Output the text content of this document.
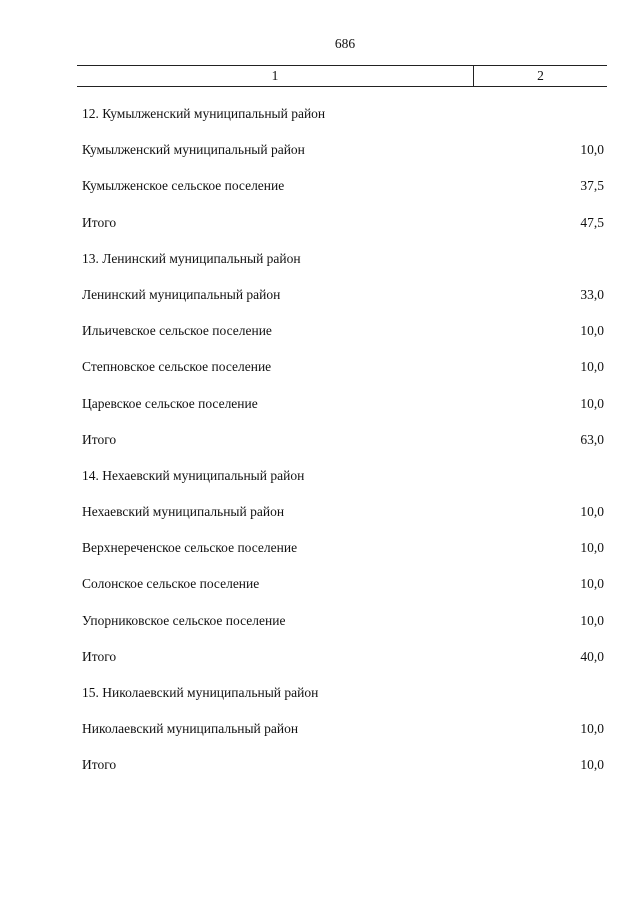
686
1	2
12. Кумылженский муниципальный район
Кумылженский муниципальный район	10,0
Кумылженское сельское поселение	37,5
Итого	47,5
13. Ленинский муниципальный район
Ленинский муниципальный район	33,0
Ильичевское сельское поселение	10,0
Степновское сельское поселение	10,0
Царевское сельское поселение	10,0
Итого	63,0
14. Нехаевский муниципальный район
Нехаевский муниципальный район	10,0
Верхнереченское сельское поселение	10,0
Солонское сельское поселение	10,0
Упорниковское сельское поселение	10,0
Итого	40,0
15. Николаевский муниципальный район
Николаевский муниципальный район	10,0
Итого	10,0
